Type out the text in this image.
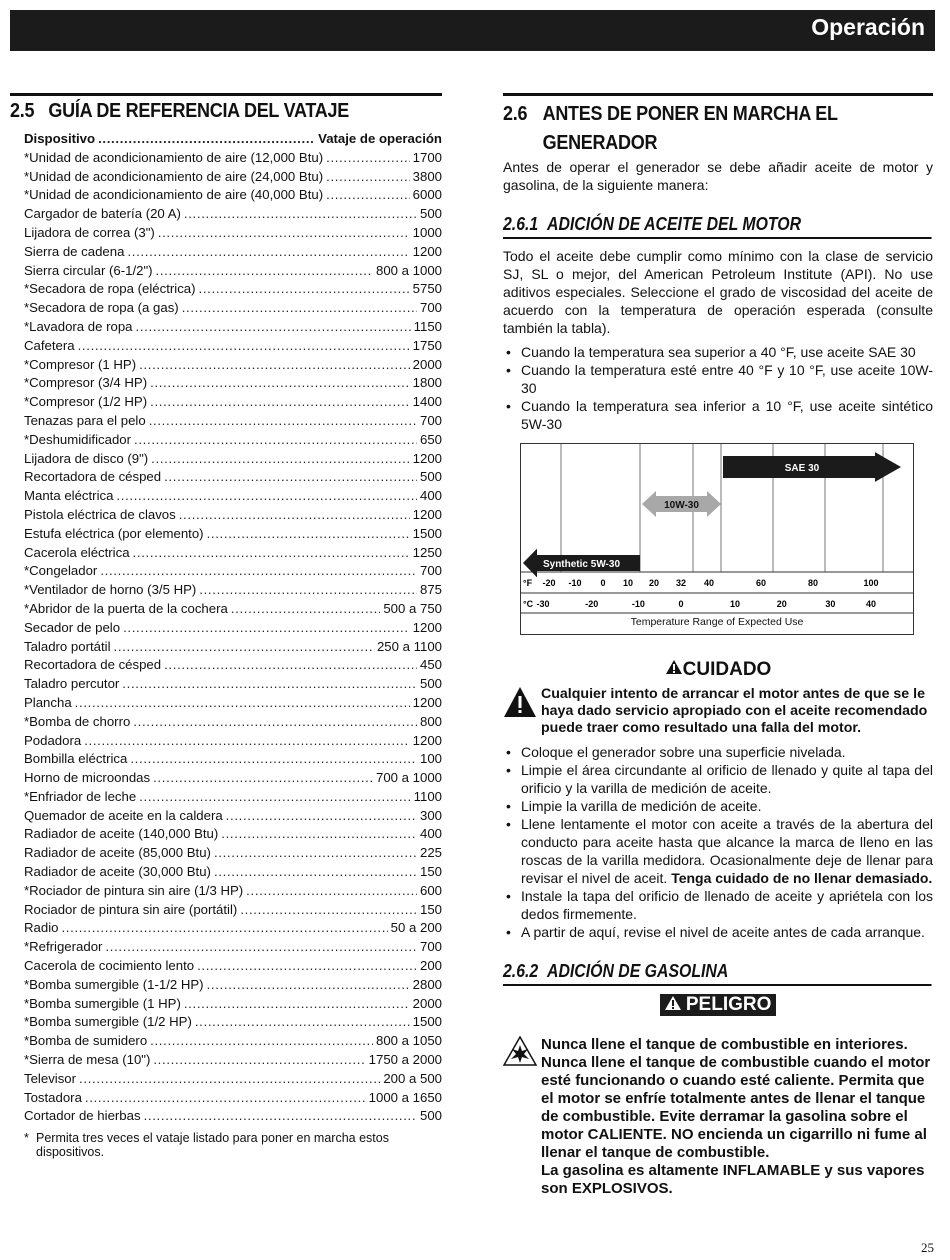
Operación
2.5 GUÍA DE REFERENCIA DEL VATAJE
Dispositivo . . .	Vataje de operación
*Unidad de acondicionamiento de aire (12,000 Btu) . . .	1700
*Unidad de acondicionamiento de aire (24,000 Btu) . . .	3800
*Unidad de acondicionamiento de aire (40,000 Btu) . . .	6000
Cargador de batería (20 A) . . .	500
Lijadora de correa (3") . . .	1000
Sierra de cadena . . .	1200
Sierra circular (6-1/2") . . .	800 a 1000
*Secadora de ropa (eléctrica) . . .	5750
*Secadora de ropa (a gas) . . .	700
*Lavadora de ropa . . .	1150
Cafetera . . .	1750
*Compresor (1 HP) . . .	2000
*Compresor (3/4 HP) . . .	1800
*Compresor (1/2 HP) . . .	1400
Tenazas para el pelo . . .	700
*Deshumidificador . . .	650
Lijadora de disco (9") . . .	1200
Recortadora de césped . . .	500
Manta eléctrica . . .	400
Pistola eléctrica de clavos . . .	1200
Estufa eléctrica (por elemento) . . .	1500
Cacerola eléctrica . . .	1250
*Congelador . . .	700
*Ventilador de horno (3/5 HP) . . .	875
*Abridor de la puerta de la cochera . . .	500 a 750
Secador de pelo . . .	1200
Taladro portátil . . .	250 a 1100
Recortadora de césped . . .	450
Taladro percutor . . .	500
Plancha . . .	1200
*Bomba de chorro . . .	800
Podadora . . .	1200
Bombilla eléctrica . . .	100
Horno de microondas . . .	700 a 1000
*Enfriador de leche . . .	1100
Quemador de aceite en la caldera . . .	300
Radiador de aceite (140,000 Btu) . . .	400
Radiador de aceite (85,000 Btu) . . .	225
Radiador de aceite (30,000 Btu) . . .	150
*Rociador de pintura sin aire (1/3 HP) . . .	600
Rociador de pintura sin aire (portátil) . . .	150
Radio . . .	50 a 200
*Refrigerador . . .	700
Cacerola de cocimiento lento . . .	200
*Bomba sumergible (1-1/2 HP) . . .	2800
*Bomba sumergible (1 HP) . . .	2000
*Bomba sumergible (1/2 HP) . . .	1500
*Bomba de sumidero . . .	800 a 1050
*Sierra de mesa (10") . . .	1750 a 2000
Televisor . . .	200 a 500
Tostadora . . .	1000 a 1650
Cortador de hierbas . . .	500
* Permita tres veces el vataje listado para poner en marcha estos dispositivos.
2.6 ANTES DE PONER EN MARCHA EL
GENERADOR
Antes de operar el generador se debe añadir aceite de motor y gasolina, de la siguiente manera:
2.6.1 ADICIÓN DE ACEITE DEL MOTOR
Todo el aceite debe cumplir como mínimo con la clase de servicio SJ, SL o mejor, del American Petroleum Institute (API). No use aditivos especiales. Seleccione el grado de viscosidad del aceite de acuerdo con la temperatura de operación esperada (consulte también la tabla).
• Cuando la temperatura sea superior a 40 °F, use aceite SAE 30
• Cuando la temperatura esté entre 40 °F y 10 °F, use aceite 10W-30
• Cuando la temperatura sea inferior a 10 °F, use aceite sintético 5W-30
Synthetic 5W-30
10W-30
SAE 30
°F -20 -10 0 10 20 32 40	60	80	100
°C -30	-20	-10	0	10	20	30	40
Temperature Range of Expected Use
CUIDADO
Cualquier intento de arrancar el motor antes de que se le haya dado servicio apropiado con el aceite recomendado puede traer como resultado una falla del motor.
• Coloque el generador sobre una superficie nivelada.
• Limpie el área circundante al orificio de llenado y quite al tapa del orificio y la varilla de medición de aceite.
• Limpie la varilla de medición de aceite.
• Llene lentamente el motor con aceite a través de la abertura del conducto para aceite hasta que alcance la marca de lleno en las roscas de la varilla medidora. Ocasionalmente deje de llenar para revisar el nivel de aceit. Tenga cuidado de no llenar demasiado.
• Instale la tapa del orificio de llenado de aceite y apriétela con los dedos firmemente.
• A partir de aquí, revise el nivel de aceite antes de cada arranque.
2.6.2 ADICIÓN DE GASOLINA
PELIGRO
Nunca llene el tanque de combustible en interiores. Nunca llene el tanque de combustible cuando el motor esté funcionando o cuando esté caliente. Permita que el motor se enfríe totalmente antes de llenar el tanque de combustible. Evite derramar la gasolina sobre el motor CALIENTE. NO encienda un cigarrillo ni fume al llenar el tanque de combustible.
La gasolina es altamente INFLAMABLE y sus vapores son EXPLOSIVOS.
25
